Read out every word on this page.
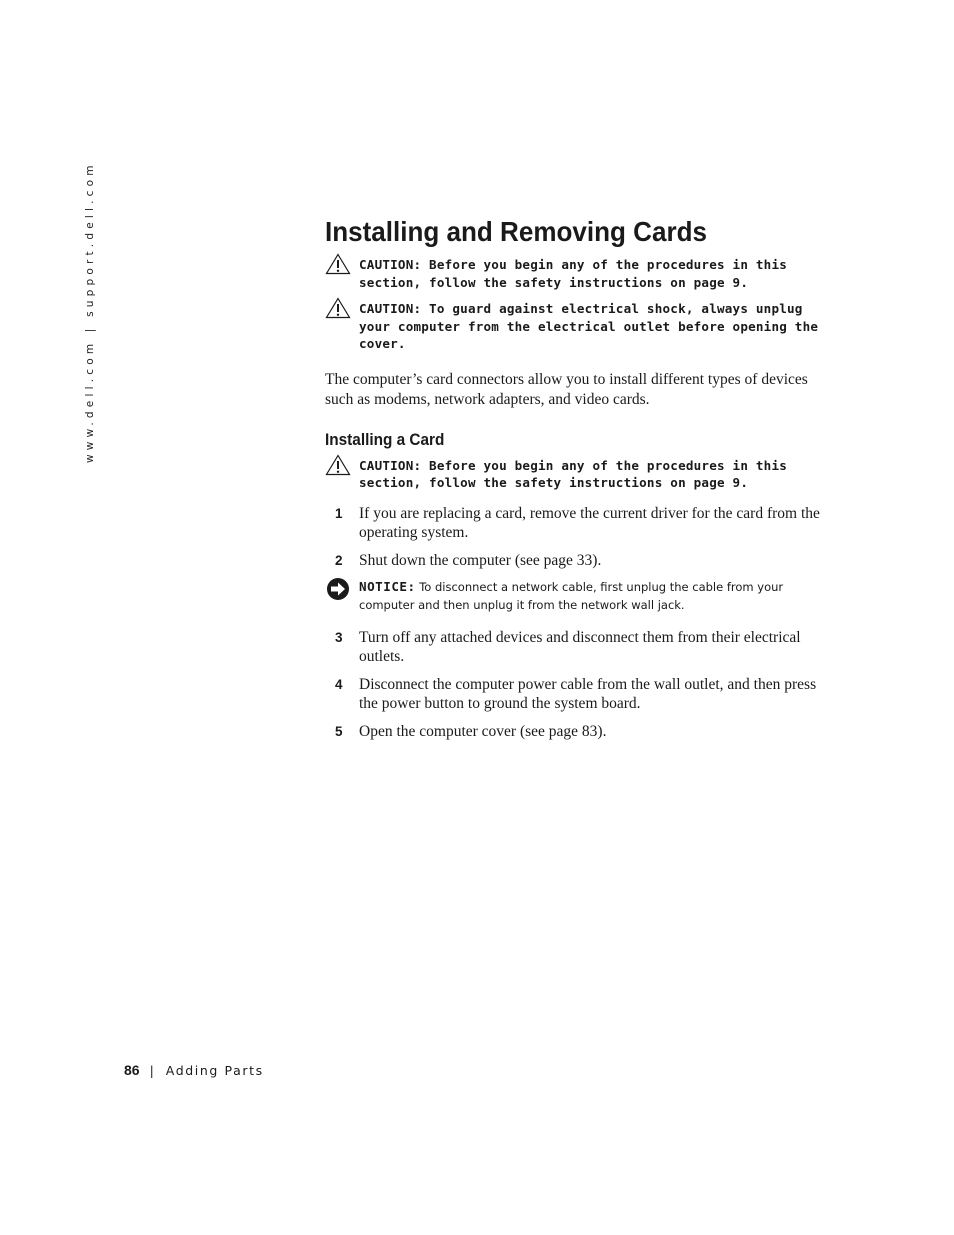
www.dell.com | support.dell.com	Installing and Removing Cards
CAUTION: Before you begin any of the procedures in this section, follow the safety instructions on page 9.
CAUTION: To guard against electrical shock, always unplug your computer from the electrical outlet before opening the cover.

The computer’s card connectors allow you to install different types of devices such as modems, network adapters, and video cards.

Installing a Card
CAUTION: Before you begin any of the procedures in this section, follow the safety instructions on page 9.
1 If you are replacing a card, remove the current driver for the card from the operating system.
2 Shut down the computer (see page 33).
NOTICE: To disconnect a network cable, first unplug the cable from your computer and then unplug it from the network wall jack.
3 Turn off any attached devices and disconnect them from their electrical outlets.
4 Disconnect the computer power cable from the wall outlet, and then press the power button to ground the system board.
5 Open the computer cover (see page 83).
86 | Adding Parts
